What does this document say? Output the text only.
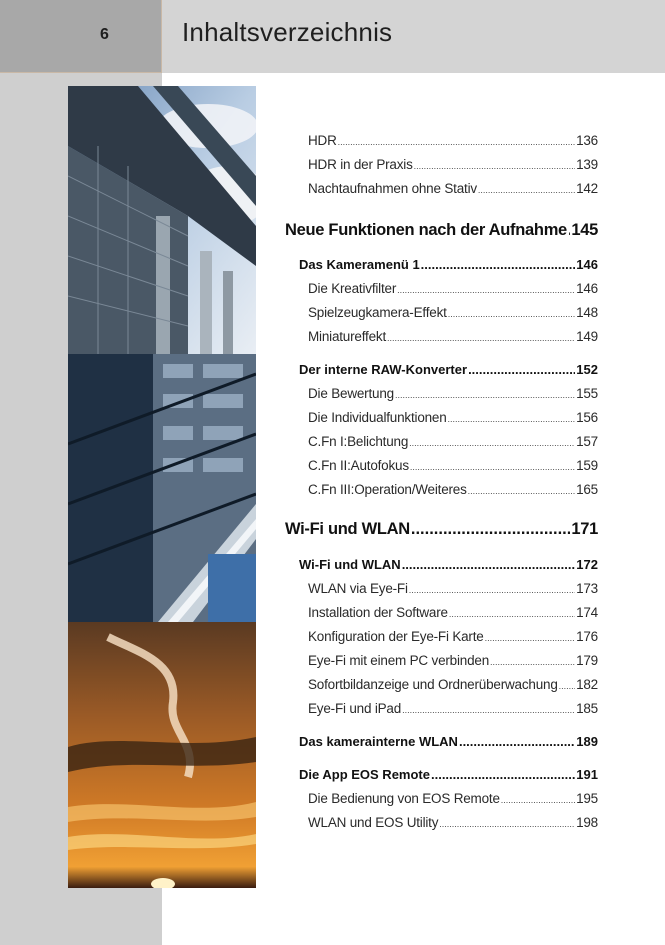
6	Inhaltsverzeichnis
HDR .....	136
HDR in der Praxis .....	139
Nachtaufnahmen ohne Stativ .....	142
Neue Funktionen nach der Aufnahme ..... 145
Das Kameramenü 1 .....	146
Die Kreativfilter .....	146
Spielzeugkamera-Effekt .....	148
Miniatureffekt .....	149
Der interne RAW-Konverter .....	152
Die Bewertung .....	155
Die Individualfunktionen .....	156
C.Fn I:Belichtung .....	157
C.Fn II:Autofokus .....	159
C.Fn III:Operation/Weiteres .....	165
Wi-Fi und WLAN .....	171
Wi-Fi und WLAN .....	172
WLAN via Eye-Fi .....	173
Installation der Software .....	174
Konfiguration der Eye-Fi Karte .....	176
Eye-Fi mit einem PC verbinden .....	179
Sofortbildanzeige und Ordnerüberwachung ..... 182
Eye-Fi und iPad .....	185
Das kamerainterne WLAN .....	189
Die App EOS Remote .....	191
Die Bedienung von EOS Remote .....	195
WLAN und EOS Utility .....	198
